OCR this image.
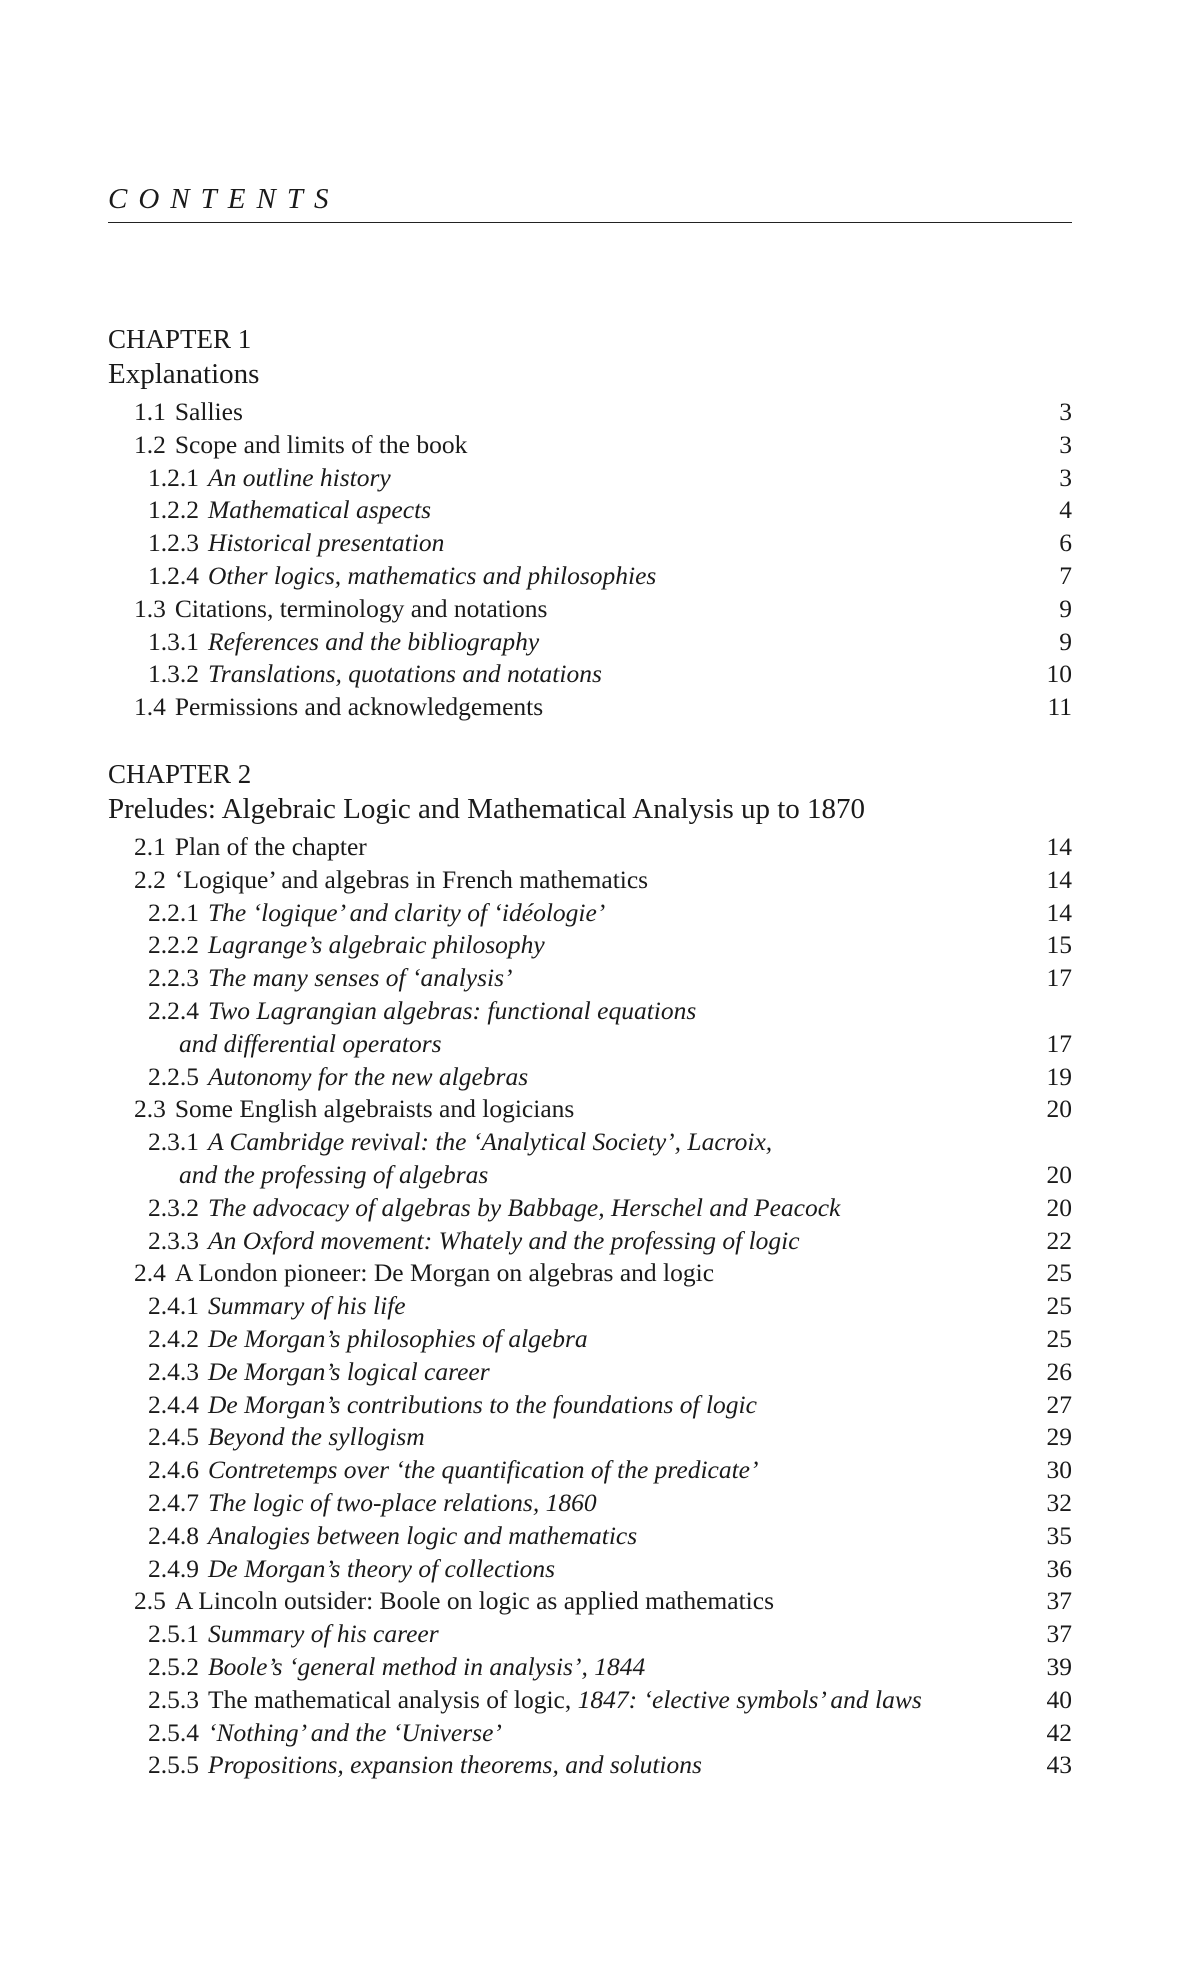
CONTENTS
CHAPTER 1
Explanations
1.1 Sallies	3
1.2 Scope and limits of the book	3
1.2.1 An outline history	3
1.2.2 Mathematical aspects	4
1.2.3 Historical presentation	6
1.2.4 Other logics, mathematics and philosophies	7
1.3 Citations, terminology and notations	9
1.3.1 References and the bibliography	9
1.3.2 Translations, quotations and notations	10
1.4 Permissions and acknowledgements	11
CHAPTER 2
Preludes: Algebraic Logic and Mathematical Analysis up to 1870
2.1 Plan of the chapter	14
2.2 ‘Logique’ and algebras in French mathematics	14
2.2.1 The ‘logique’ and clarity of ‘idéologie’	14
2.2.2 Lagrange’s algebraic philosophy	15
2.2.3 The many senses of ‘analysis’	17
2.2.4 Two Lagrangian algebras: functional equations
and differential operators	17
2.2.5 Autonomy for the new algebras	19
2.3 Some English algebraists and logicians	20
2.3.1 A Cambridge revival: the ‘Analytical Society’, Lacroix,
and the professing of algebras	20
2.3.2 The advocacy of algebras by Babbage, Herschel and Peacock	20
2.3.3 An Oxford movement: Whately and the professing of logic	22
2.4 A London pioneer: De Morgan on algebras and logic	25
2.4.1 Summary of his life	25
2.4.2 De Morgan’s philosophies of algebra	25
2.4.3 De Morgan’s logical career	26
2.4.4 De Morgan’s contributions to the foundations of logic	27
2.4.5 Beyond the syllogism	29
2.4.6 Contretemps over ‘the quantification of the predicate’	30
2.4.7 The logic of two-place relations, 1860	32
2.4.8 Analogies between logic and mathematics	35
2.4.9 De Morgan’s theory of collections	36
2.5 A Lincoln outsider: Boole on logic as applied mathematics	37
2.5.1 Summary of his career	37
2.5.2 Boole’s ‘general method in analysis’, 1844	39
2.5.3 The mathematical analysis of logic, 1847: ‘elective symbols’ and laws	40
2.5.4 ‘Nothing’ and the ‘Universe’	42
2.5.5 Propositions, expansion theorems, and solutions	43
